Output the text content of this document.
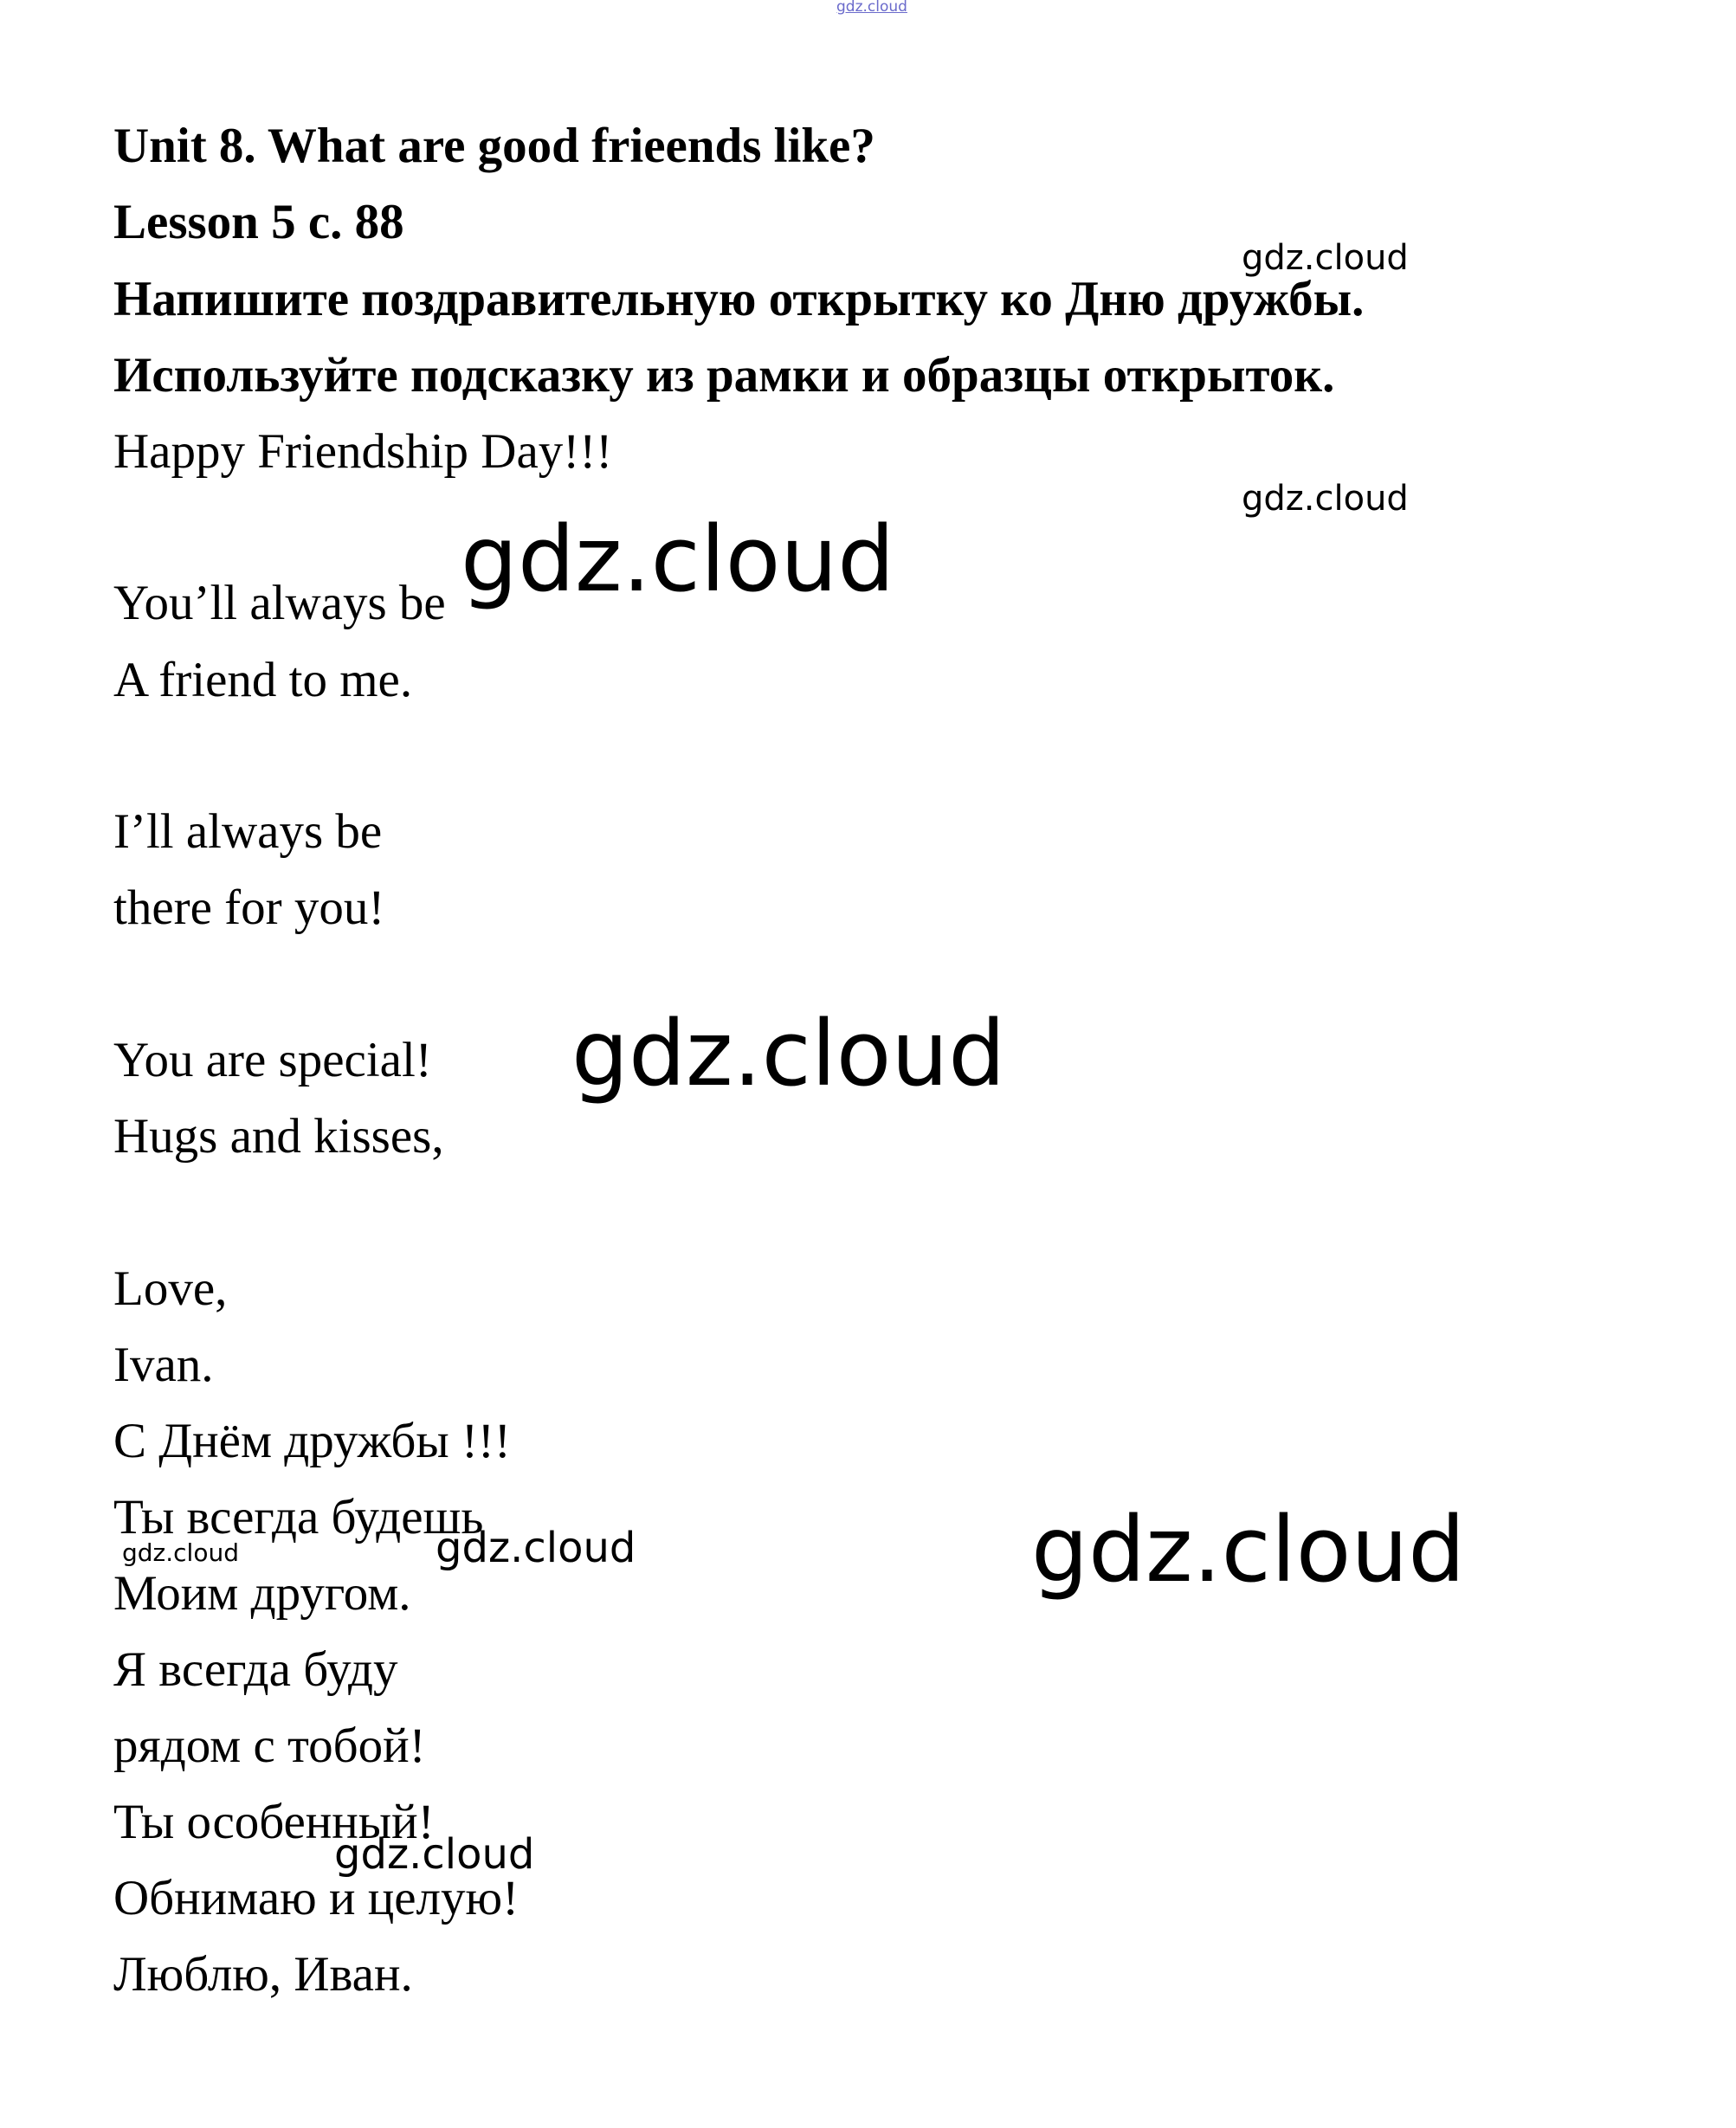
gdz.cloud
Unit 8. What are good frieends like?
Lesson 5 с. 88
Напишите поздравительную открытку ко Дню дружбы.
Используйте подсказку из рамки и образцы открыток.
Happy Friendship Day!!!
You’ll always be
A friend to me.
I’ll always be
there for you!
You are special!
Hugs and kisses,
Love,
Ivan.
С Днём дружбы !!!
Ты всегда будешь
Моим другом.
Я всегда буду
рядом с тобой!
Ты особенный!
Обнимаю и целую!
Люблю, Иван.
gdz.cloud
gdz.cloud
gdz.cloud
gdz.cloud
gdz.cloud
gdz.cloud	gdz.cloud
gdz.cloud
